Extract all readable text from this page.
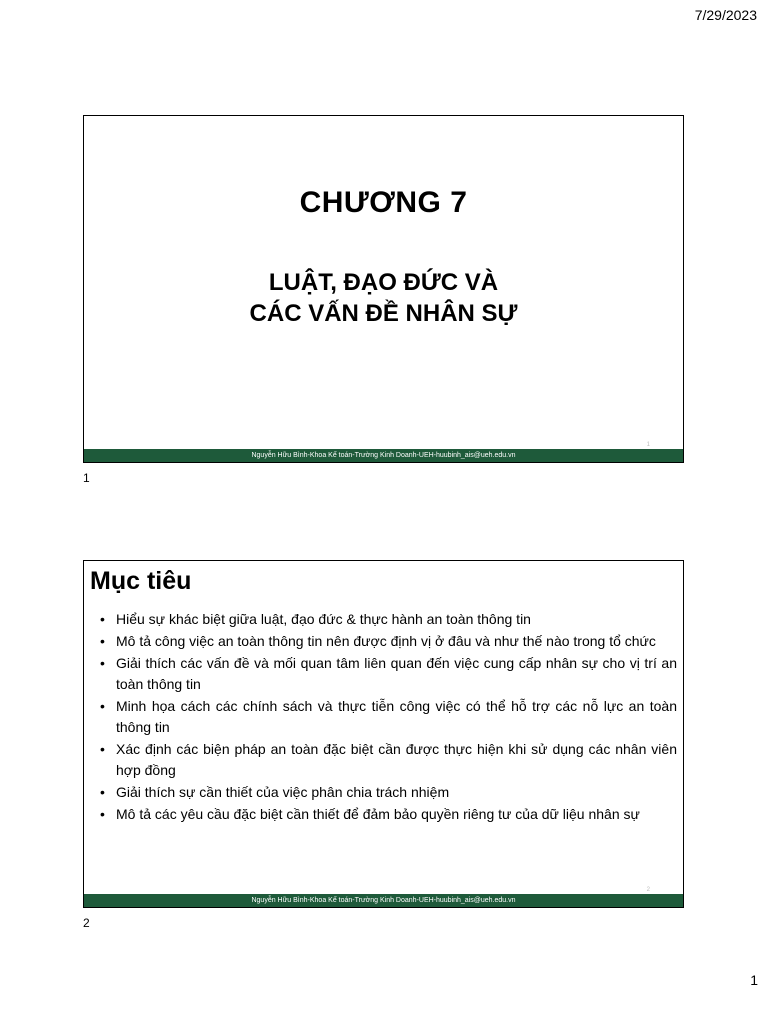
7/29/2023
CHƯƠNG 7
LUẬT, ĐẠO ĐỨC VÀ
CÁC VẤN ĐỀ NHÂN SỰ
1
Nguyễn Hữu Bình-Khoa Kế toán-Trường Kinh Doanh-UEH-huubinh_ais@ueh.edu.vn
1
Mục tiêu
• Hiểu sự khác biệt giữa luật, đạo đức & thực hành an toàn thông tin
• Mô tả công việc an toàn thông tin nên được định vị ở đâu và như thế nào trong tổ chức
• Giải thích các vấn đề và mối quan tâm liên quan đến việc cung cấp nhân sự cho vị trí an toàn thông tin
• Minh họa cách các chính sách và thực tiễn công việc có thể hỗ trợ các nỗ lực an toàn thông tin
• Xác định các biện pháp an toàn đặc biệt cần được thực hiện khi sử dụng các nhân viên hợp đồng
• Giải thích sự cần thiết của việc phân chia trách nhiệm
• Mô tả các yêu cầu đặc biệt cần thiết để đảm bảo quyền riêng tư của dữ liệu nhân sự
2
Nguyễn Hữu Bình-Khoa Kế toán-Trường Kinh Doanh-UEH-huubinh_ais@ueh.edu.vn
2
1
